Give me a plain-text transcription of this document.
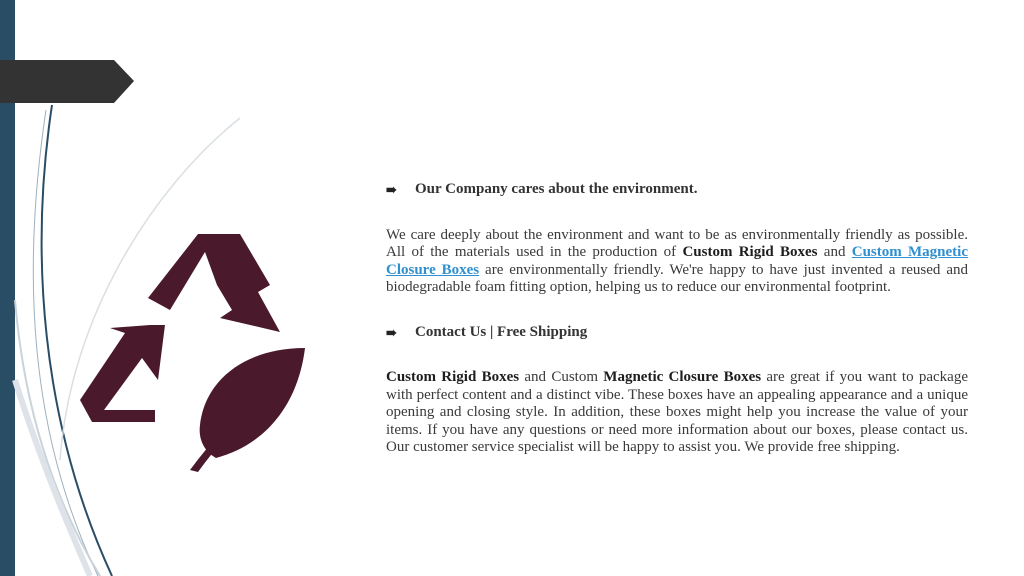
➠	Our Company cares about the environment.

We care deeply about the environment and want to be as environmentally friendly as possible. All of the materials used in the production of Custom Rigid Boxes and Custom Magnetic Closure Boxes are environmentally friendly. We're happy to have just invented a reused and biodegradable foam fitting option, helping us to reduce our environmental footprint.

➠	Contact Us | Free Shipping

Custom Rigid Boxes and Custom Magnetic Closure Boxes are great if you want to package with perfect content and a distinct vibe. These boxes have an appealing appearance and a unique opening and closing style. In addition, these boxes might help you increase the value of your items. If you have any questions or need more information about our boxes, please contact us. Our customer service specialist will be happy to assist you. We provide free shipping.
